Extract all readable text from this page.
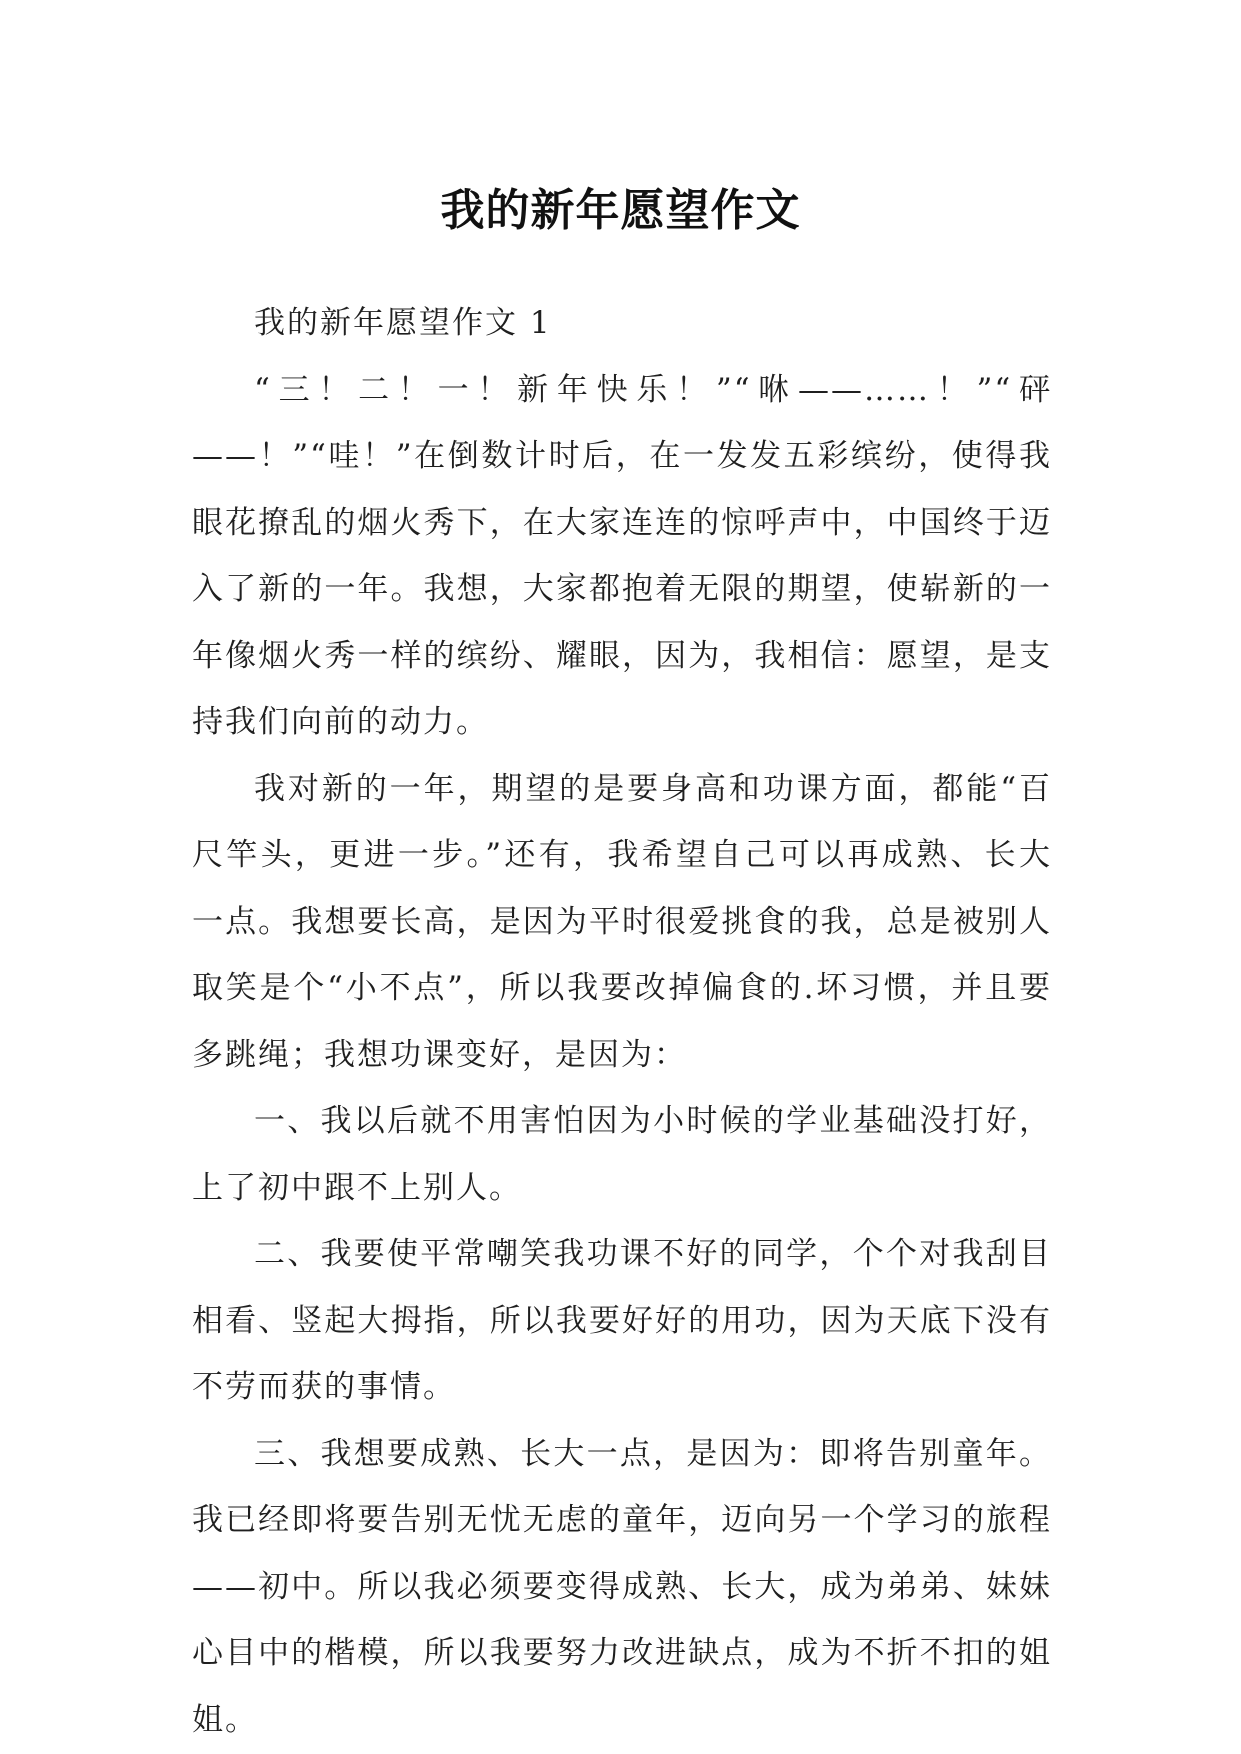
我的新年愿望作文

我的新年愿望作文 1

“三！二！一！新年快乐！”“咻——……！”“砰——！”“哇！”在倒数计时后，在一发发五彩缤纷，使得我眼花撩乱的烟火秀下，在大家连连的惊呼声中，中国终于迈入了新的一年。我想，大家都抱着无限的期望，使崭新的一年像烟火秀一样的缤纷、耀眼，因为，我相信：愿望，是支持我们向前的动力。

我对新的一年，期望的是要身高和功课方面，都能“百尺竿头，更进一步。”还有，我希望自己可以再成熟、长大一点。我想要长高，是因为平时很爱挑食的我，总是被别人取笑是个“小不点”，所以我要改掉偏食的.坏习惯，并且要多跳绳；我想功课变好，是因为：

一、我以后就不用害怕因为小时候的学业基础没打好，上了初中跟不上别人。

二、我要使平常嘲笑我功课不好的同学，个个对我刮目相看、竖起大拇指，所以我要好好的用功，因为天底下没有不劳而获的事情。

三、我想要成熟、长大一点，是因为：即将告别童年。我已经即将要告别无忧无虑的童年，迈向另一个学习的旅程——初中。所以我必须要变得成熟、长大，成为弟弟、妹妹心目中的楷模，所以我要努力改进缺点，成为不折不扣的姐姐。
